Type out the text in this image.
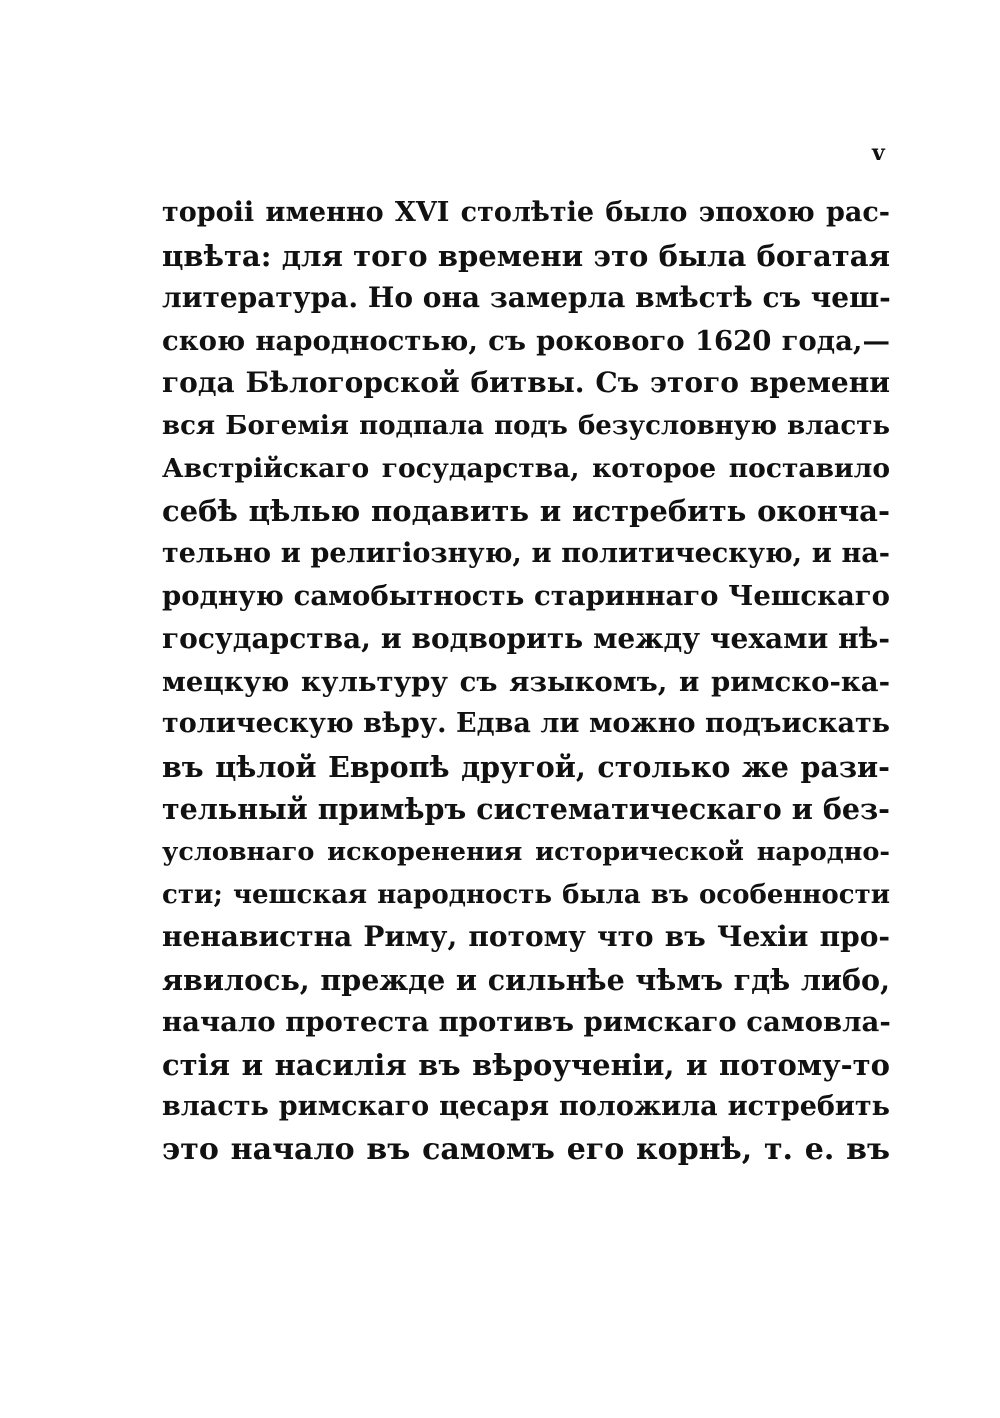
v
тороіі именно XVI столѣтіе было эпохою рас-
цвѣта: для того времени это была богатая
литература. Но она замерла вмѣстѣ съ чеш-
скою народностью, съ рокового 1620 года,—
года Бѣлогорской битвы. Съ этого времени
вся Богемія подпала подъ безусловную власть
Австрійскаго государства, которое поставило
себѣ цѣлью подавить и истребить оконча-
тельно и религіозную, и политическую, и на-
родную самобытность стариннаго Чешскаго
государства, и водворить между чехами нѣ-
мецкую культуру съ языкомъ, и римско-ка-
толическую вѣру. Едва ли можно подъискать
въ цѣлой Европѣ другой, столько же рази-
тельный примѣръ систематическаго и без-
условнаго искоренения исторической народно-
сти; чешская народность была въ особенности
ненавистна Риму, потому что въ Чехіи про-
явилось, прежде и сильнѣе чѣмъ гдѣ либо,
начало протеста противъ римскаго самовла-
стія и насилія въ вѣроученіи, и потому-то
власть римскаго цесаря положила истребить
это начало въ самомъ его корнѣ, т. е. въ
